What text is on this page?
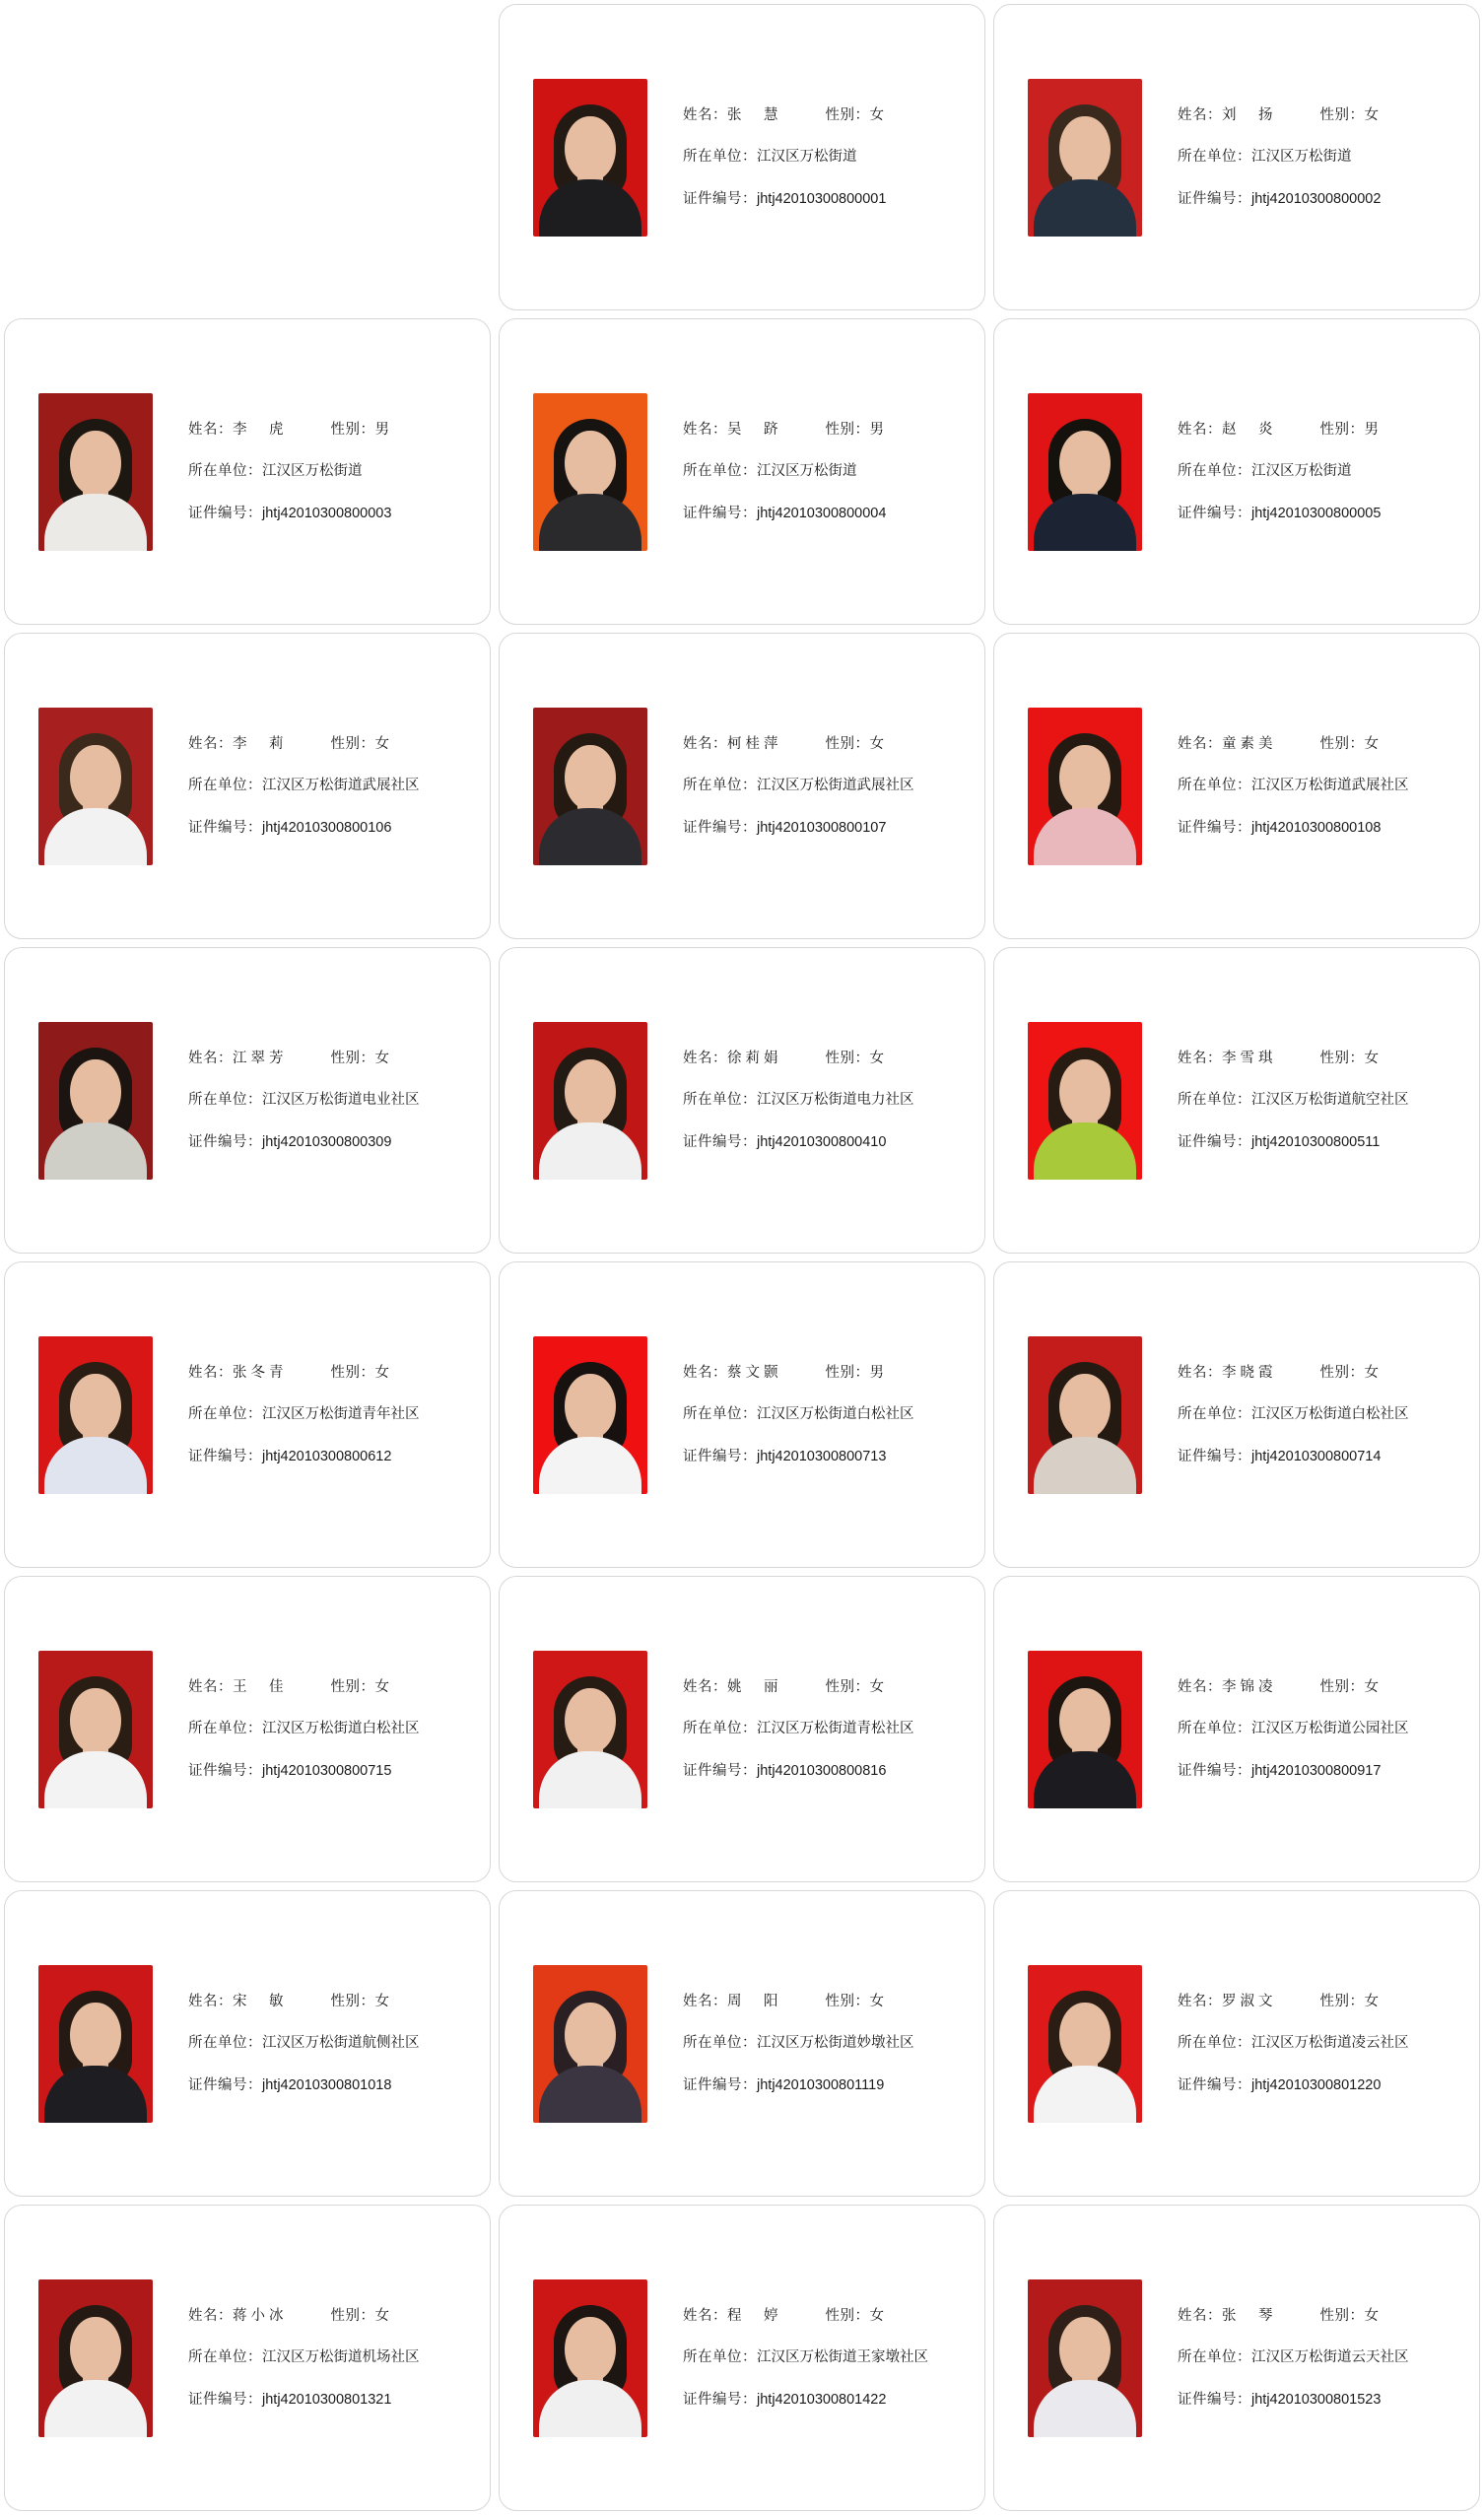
姓名：张　慧	性别：女
所在单位：江汉区万松街道
证件编号：jhtj42010300800001
姓名：刘　扬	性别：女
所在单位：江汉区万松街道
证件编号：jhtj42010300800002
姓名：李　虎	性别：男
所在单位：江汉区万松街道
证件编号：jhtj42010300800003
姓名：吴　跻	性别：男
所在单位：江汉区万松街道
证件编号：jhtj42010300800004
姓名：赵　炎	性别：男
所在单位：江汉区万松街道
证件编号：jhtj42010300800005
姓名：李　莉	性别：女
所在单位：江汉区万松街道武展社区
证件编号：jhtj42010300800106
姓名：柯桂萍	性别：女
所在单位：江汉区万松街道武展社区
证件编号：jhtj42010300800107
姓名：童素美	性别：女
所在单位：江汉区万松街道武展社区
证件编号：jhtj42010300800108
姓名：江翠芳	性别：女
所在单位：江汉区万松街道电业社区
证件编号：jhtj42010300800309
姓名：徐莉娟	性别：女
所在单位：江汉区万松街道电力社区
证件编号：jhtj42010300800410
姓名：李雪琪	性别：女
所在单位：江汉区万松街道航空社区
证件编号：jhtj42010300800511
姓名：张冬青	性别：女
所在单位：江汉区万松街道青年社区
证件编号：jhtj42010300800612
姓名：蔡文颢	性别：男
所在单位：江汉区万松街道白松社区
证件编号：jhtj42010300800713
姓名：李晓霞	性别：女
所在单位：江汉区万松街道白松社区
证件编号：jhtj42010300800714
姓名：王　佳	性别：女
所在单位：江汉区万松街道白松社区
证件编号：jhtj42010300800715
姓名：姚　丽	性别：女
所在单位：江汉区万松街道青松社区
证件编号：jhtj42010300800816
姓名：李锦凌	性别：女
所在单位：江汉区万松街道公园社区
证件编号：jhtj42010300800917
姓名：宋　敏	性别：女
所在单位：江汉区万松街道航侧社区
证件编号：jhtj42010300801018
姓名：周　阳	性别：女
所在单位：江汉区万松街道妙墩社区
证件编号：jhtj42010300801119
姓名：罗淑文	性别：女
所在单位：江汉区万松街道凌云社区
证件编号：jhtj42010300801220
姓名：蒋小冰	性别：女
所在单位：江汉区万松街道机场社区
证件编号：jhtj42010300801321
姓名：程　婷	性别：女
所在单位：江汉区万松街道王家墩社区
证件编号：jhtj42010300801422
姓名：张　琴	性别：女
所在单位：江汉区万松街道云天社区
证件编号：jhtj42010300801523
